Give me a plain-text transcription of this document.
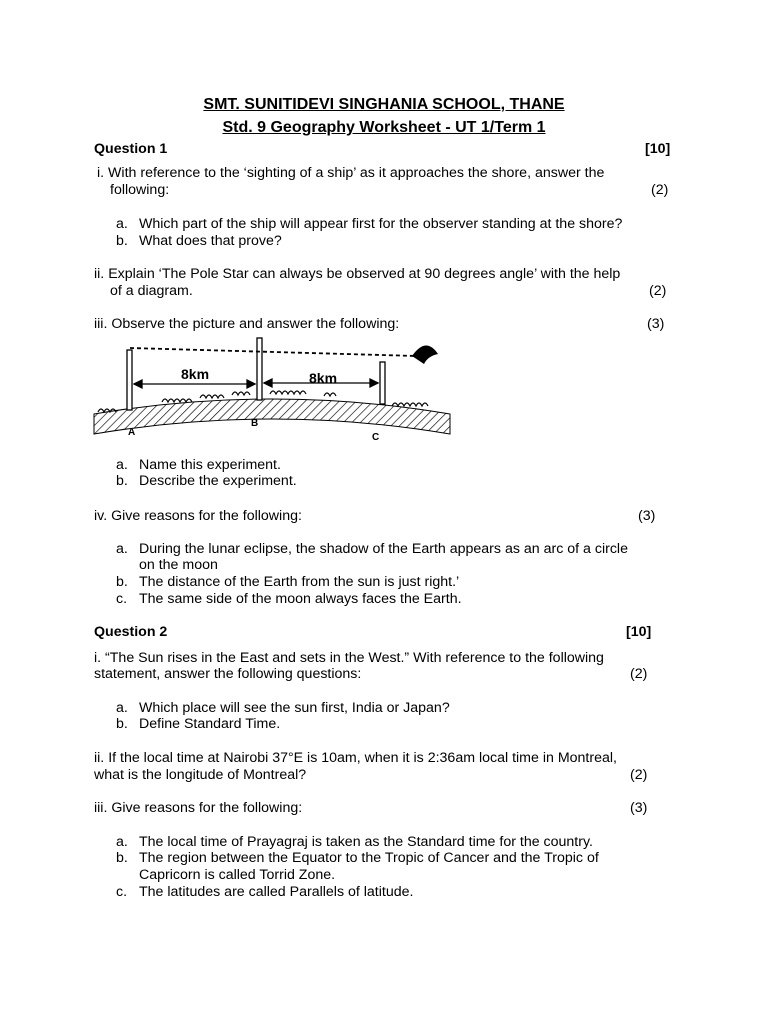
SMT. SUNITIDEVI SINGHANIA SCHOOL, THANE
Std. 9 Geography Worksheet - UT 1/Term 1
Question 1	[10]
i. With reference to the ‘sighting of a ship’ as it approaches the shore, answer the
following:	(2)
a. Which part of the ship will appear first for the observer standing at the shore?
b. What does that prove?
ii. Explain ‘The Pole Star can always be observed at 90 degrees angle’ with the help
of a diagram.	(2)
iii. Observe the picture and answer the following:	(3)
8km	8km
A
B
C
a. Name this experiment.
b. Describe the experiment.
iv. Give reasons for the following:	(3)
a. During the lunar eclipse, the shadow of the Earth appears as an arc of a circle
on the moon
b. The distance of the Earth from the sun is just right.’
c. The same side of the moon always faces the Earth.
Question 2	[10]
i. “The Sun rises in the East and sets in the West.” With reference to the following
statement, answer the following questions:	(2)
a. Which place will see the sun first, India or Japan?
b. Define Standard Time.
ii. If the local time at Nairobi 37°E is 10am, when it is 2:36am local time in Montreal,
what is the longitude of Montreal?	(2)
iii. Give reasons for the following:	(3)
a. The local time of Prayagraj is taken as the Standard time for the country.
b. The region between the Equator to the Tropic of Cancer and the Tropic of
Capricorn is called Torrid Zone.
c. The latitudes are called Parallels of latitude.
